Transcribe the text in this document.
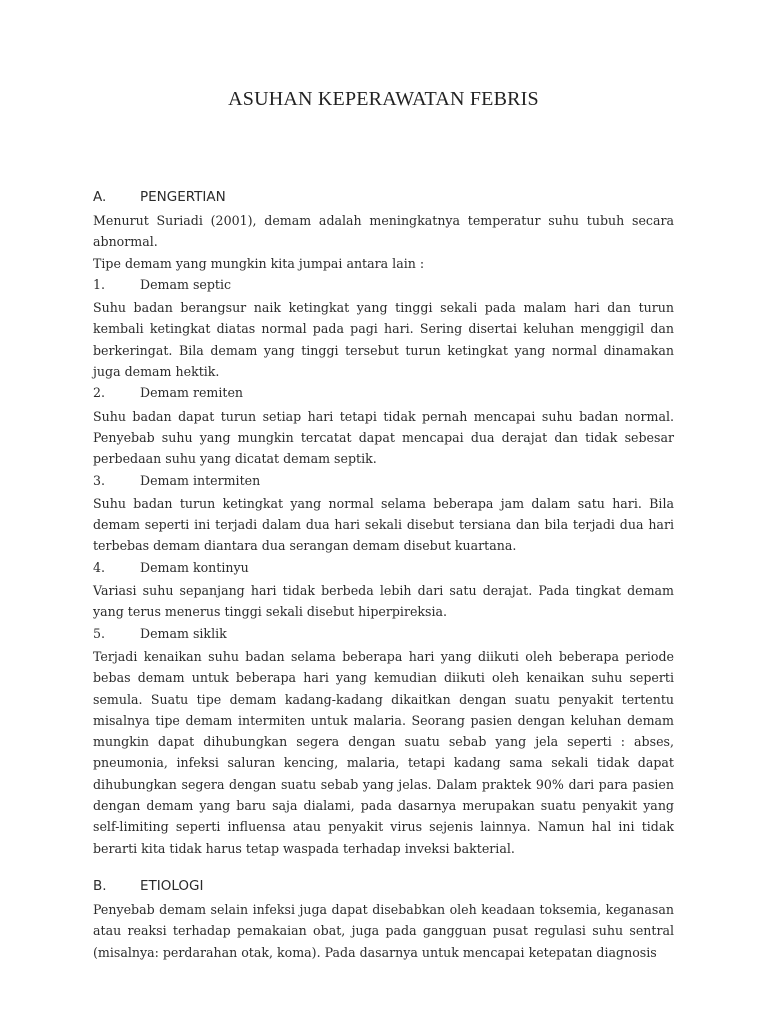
ASUHAN KEPERAWATAN FEBRIS
A.	PENGERTIAN

Menurut Suriadi (2001), demam adalah meningkatnya temperatur suhu tubuh secara abnormal.

Tipe demam yang mungkin kita jumpai antara lain :

1.	Demam septic

Suhu badan berangsur naik ketingkat yang tinggi sekali pada malam hari dan turun kembali ketingkat diatas normal pada pagi hari. Sering disertai keluhan menggigil dan berkeringat. Bila demam yang tinggi tersebut turun ketingkat yang normal dinamakan juga demam hektik.

2.	Demam remiten

Suhu badan dapat turun setiap hari tetapi tidak pernah mencapai suhu badan normal. Penyebab suhu yang mungkin tercatat dapat mencapai dua derajat dan tidak sebesar perbedaan suhu yang dicatat demam septik.

3.	Demam intermiten

Suhu badan turun ketingkat yang normal selama beberapa jam dalam satu hari. Bila demam seperti ini terjadi dalam dua hari sekali disebut tersiana dan bila terjadi dua hari terbebas demam diantara dua serangan demam disebut kuartana.

4.	Demam kontinyu

Variasi suhu sepanjang hari tidak berbeda lebih dari satu derajat. Pada tingkat demam yang terus menerus tinggi sekali disebut hiperpireksia.

5.	Demam siklik

Terjadi kenaikan suhu badan selama beberapa hari yang diikuti oleh beberapa periode bebas demam untuk beberapa hari yang kemudian diikuti oleh kenaikan suhu seperti semula. Suatu tipe demam kadang-kadang dikaitkan dengan suatu penyakit tertentu misalnya tipe demam intermiten untuk malaria. Seorang pasien dengan keluhan demam mungkin dapat dihubungkan segera dengan suatu sebab yang jela seperti : abses, pneumonia, infeksi saluran kencing, malaria, tetapi kadang sama sekali tidak dapat dihubungkan segera dengan suatu sebab yang jelas. Dalam praktek 90% dari para pasien dengan demam yang baru saja dialami, pada dasarnya merupakan suatu penyakit yang self-limiting seperti influensa atau penyakit virus sejenis lainnya. Namun hal ini tidak berarti kita tidak harus tetap waspada terhadap inveksi bakterial.

B.	ETIOLOGI

Penyebab demam selain infeksi juga dapat disebabkan oleh keadaan toksemia, keganasan atau reaksi terhadap pemakaian obat, juga pada gangguan pusat regulasi suhu sentral (misalnya: perdarahan otak, koma). Pada dasarnya untuk mencapai ketepatan diagnosis
